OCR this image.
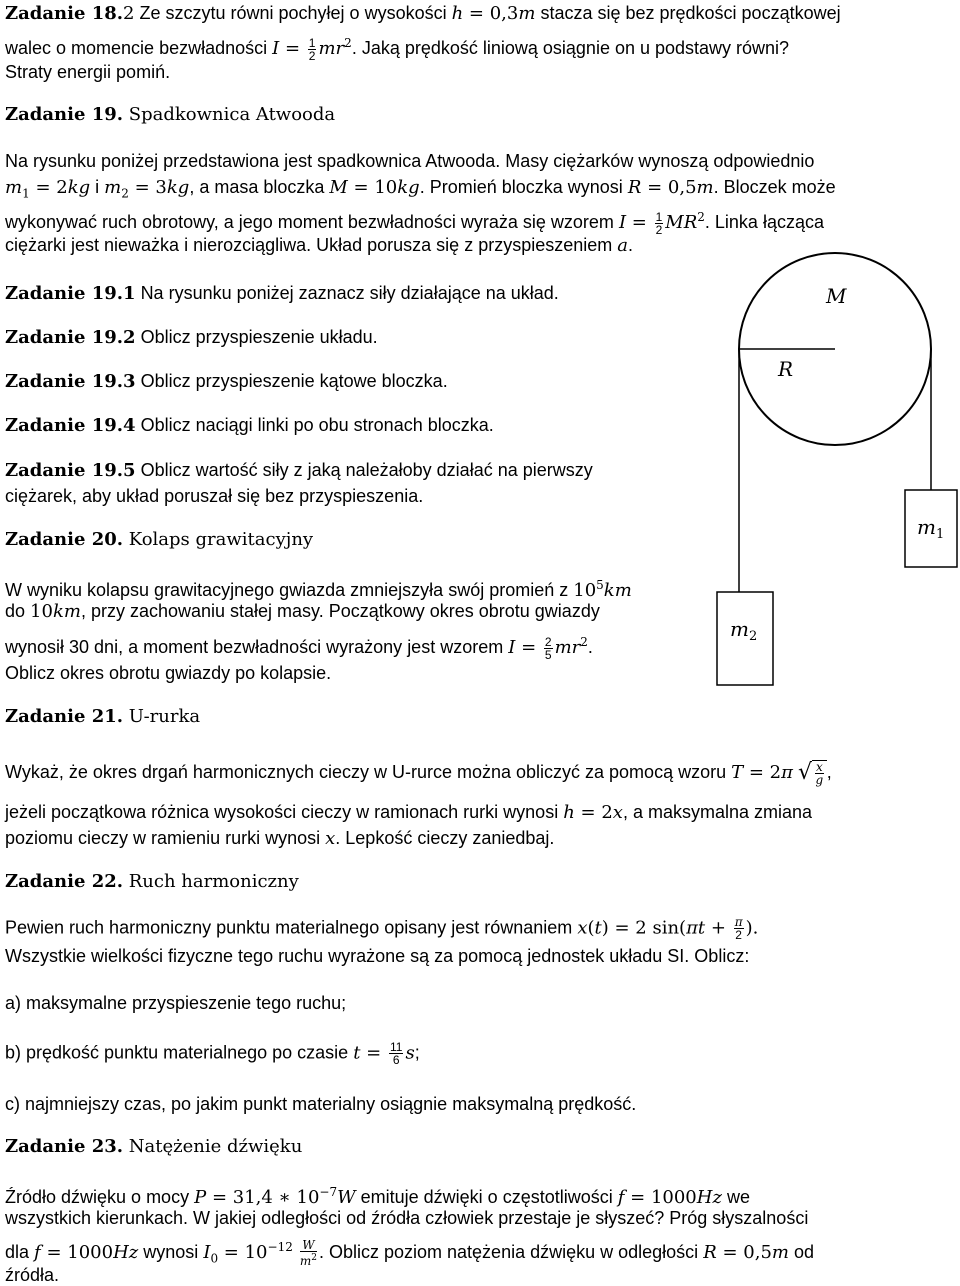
Zadanie 18.2 Ze szczytu równi pochyłej o wysokości h = 0,3m stacza się bez prędkości początkowej
walec o momencie bezwładności $I = \frac{1}{2} mr^2$. Jaką prędkość liniową osiągnie on u podstawy równi?
Straty energii pomiń.
Zadanie 19. Spadkownica Atwooda
Na rysunku poniżej przedstawiona jest spadkownica Atwooda. Masy ciężarków wynoszą odpowiednio
$m_1 = 2kg$ i $m_2 = 3kg$, a masa bloczka M = 10kg. Promień bloczka wynosi R = 0,5m. Bloczek może
wykonywać ruch obrotowy, a jego moment bezwładności wyraża się wzorem $I = \frac{1}{2} MR^2$. Linka łącząca
ciężarki jest nieważka i nierozciągliwa. Układ porusza się z przyspieszeniem a.
Zadanie 19.1 Na rysunku poniżej zaznacz siły działające na układ.
Zadanie 19.2 Oblicz przyspieszenie układu.
Zadanie 19.3 Oblicz przyspieszenie kątowe bloczka.
Zadanie 19.4 Oblicz naciągi linki po obu stronach bloczka.
Zadanie 19.5 Oblicz wartość siły z jaką należałoby działać na pierwszy
ciężarek, aby układ poruszał się bez przyspieszenia.
Zadanie 20. Kolaps grawitacyjny
W wyniku kolapsu grawitacyjnego gwiazda zmniejszyła swój promień z $10^5km$
do 10km, przy zachowaniu stałej masy. Początkowy okres obrotu gwiazdy
wynosił 30 dni, a moment bezwładności wyrażony jest wzorem $I = \frac{2}{5} mr^2$.
Oblicz okres obrotu gwiazdy po kolapsie.
Zadanie 21. U-rurka
Wykaż, że okres drgań harmonicznych cieczy w U-rurce można obliczyć za pomocą wzoru T = 2π √ $\frac{x}{g}$ ,
jeżeli początkowa różnica wysokości cieczy w ramionach rurki wynosi h = 2x, a maksymalna zmiana
poziomu cieczy w ramieniu rurki wynosi x. Lepkość cieczy zaniedbaj.
Zadanie 22. Ruch harmoniczny
Pewien ruch harmoniczny punktu materialnego opisany jest równaniem x(t) = 2 $\sin(\pi t + \frac{\pi}{2}$ ).
Wszystkie wielkości fizyczne tego ruchu wyrażone są za pomocą jednostek układu SI. Oblicz:
a) maksymalne przyspieszenie tego ruchu;
b) prędkość punktu materialnego po czasie $t = \frac{11}{6} s$;
c) najmniejszy czas, po jakim punkt materialny osiągnie maksymalną prędkość.
Zadanie 23. Natężenie dźwięku
Źródło dźwięku o mocy P = 31,4 ∗ $10^{-7}W$ emituje dźwięki o częstotliwości f = 1000Hz we
wszystkich kierunkach. W jakiej odległości od źródła człowiek przestaje je słyszeć? Próg słyszalności
dla f = 1000Hz wynosi $I_0 = 10^{-12} \frac{W}{m^2}$ . Oblicz poziom natężenia dźwięku w odległości R = 0,5m od
źródła.
M
R
$m_1$
$m_2$
